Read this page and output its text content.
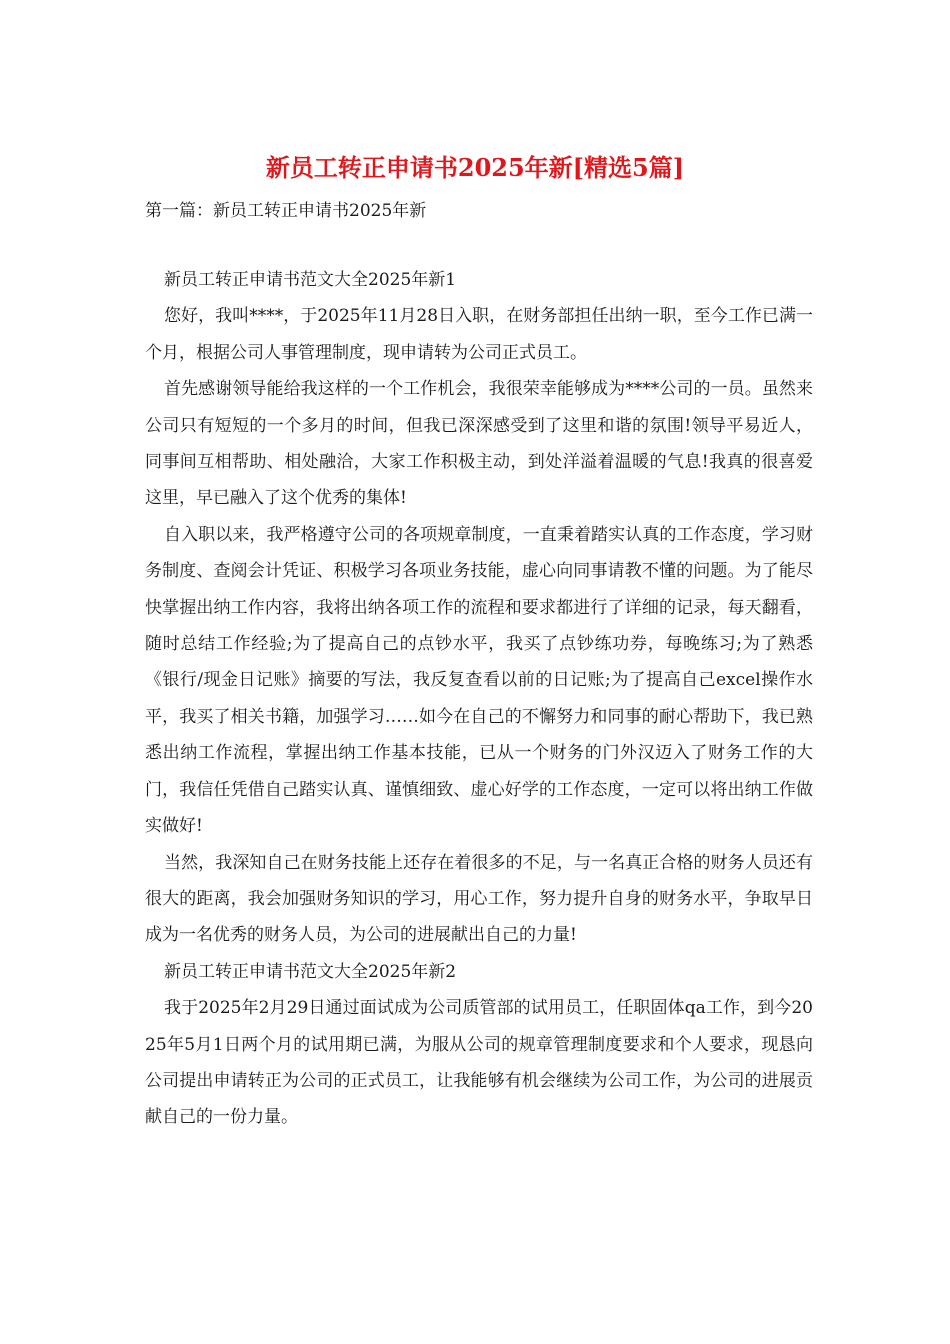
新员工转正申请书2025年新[精选5篇]

第一篇：新员工转正申请书2025年新

新员工转正申请书范文大全2025年新1

您好，我叫****，于2025年11月28日入职，在财务部担任出纳一职，至今工作已满一个月，根据公司人事管理制度，现申请转为公司正式员工。

首先感谢领导能给我这样的一个工作机会，我很荣幸能够成为****公司的一员。虽然来公司只有短短的一个多月的时间，但我已深深感受到了这里和谐的氛围!领导平易近人，同事间互相帮助、相处融洽，大家工作积极主动，到处洋溢着温暖的气息!我真的很喜爱这里，早已融入了这个优秀的集体!

自入职以来，我严格遵守公司的各项规章制度，一直秉着踏实认真的工作态度，学习财务制度、查阅会计凭证、积极学习各项业务技能，虚心向同事请教不懂的问题。为了能尽快掌握出纳工作内容，我将出纳各项工作的流程和要求都进行了详细的记录，每天翻看，随时总结工作经验;为了提高自己的点钞水平，我买了点钞练功券，每晚练习;为了熟悉《银行/现金日记账》摘要的写法，我反复查看以前的日记账;为了提高自己excel操作水平，我买了相关书籍，加强学习……如今在自己的不懈努力和同事的耐心帮助下，我已熟悉出纳工作流程，掌握出纳工作基本技能，已从一个财务的门外汉迈入了财务工作的大门，我信任凭借自己踏实认真、谨慎细致、虚心好学的工作态度，一定可以将出纳工作做实做好!

当然，我深知自己在财务技能上还存在着很多的不足，与一名真正合格的财务人员还有很大的距离，我会加强财务知识的学习，用心工作，努力提升自身的财务水平，争取早日成为一名优秀的财务人员，为公司的进展献出自己的力量!

新员工转正申请书范文大全2025年新2

我于2025年2月29日通过面试成为公司质管部的试用员工，任职固体qa工作，到今2025年5月1日两个月的试用期已满，为服从公司的规章管理制度要求和个人要求，现恳向公司提出申请转正为公司的正式员工，让我能够有机会继续为公司工作，为公司的进展贡献自己的一份力量。
